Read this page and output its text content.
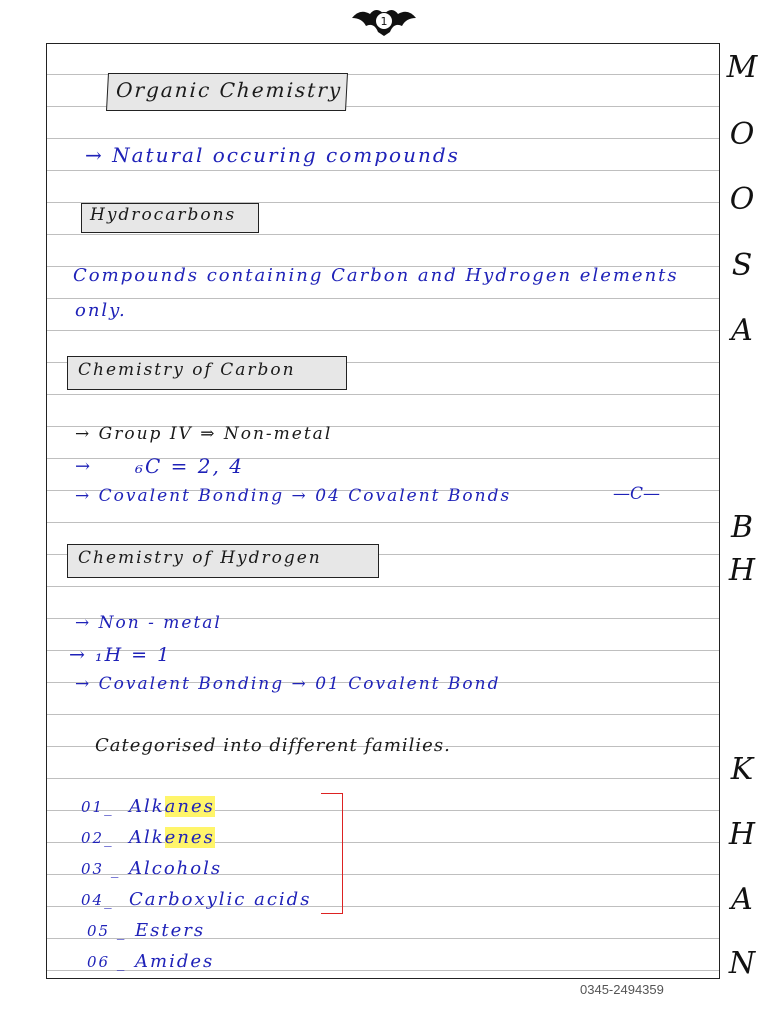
1
Organic Chemistry
→ Natural occuring compounds
Hydrocarbons
Compounds containing Carbon and Hydrogen elements
only.
Chemistry of Carbon
→ Group IV ⇒ Non-metal
→ ₆C = 2, 4
→ Covalent Bonding → 04 Covalent Bonds	—C—
Chemistry of Hydrogen
→ Non - metal
→ ₁H = 1
→ Covalent Bonding → 01 Covalent Bond
Categorised into different families.
01_ Alkanes
02_ Alkenes
03 _ Alcohols
04_ Carboxylic acids
05 _ Esters
06 _ Amides
M
O
O
S
A
B
H
K
H
A
N
0345-2494359
